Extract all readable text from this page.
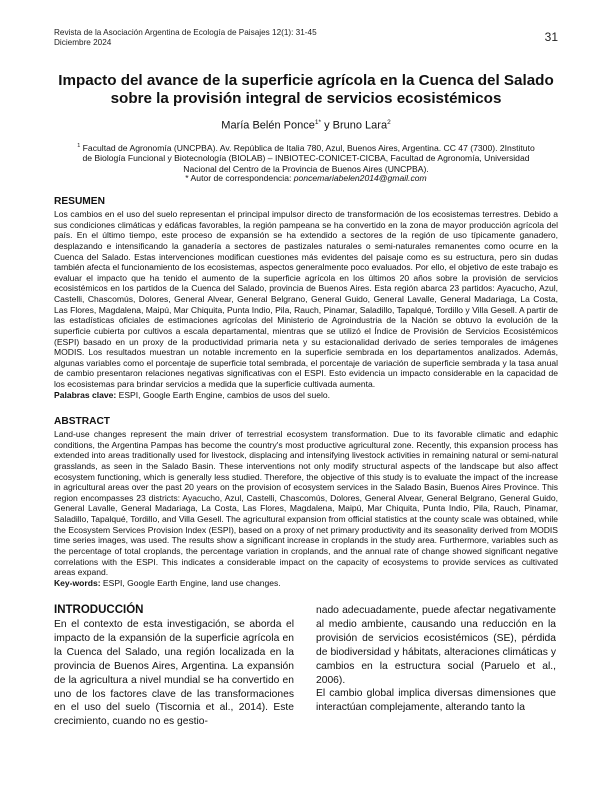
Revista de la Asociación Argentina de Ecología de Paisajes 12(1): 31-45
Diciembre 2024	31
Impacto del avance de la superficie agrícola en la Cuenca del Salado sobre la provisión integral de servicios ecosistémicos
María Belén Ponce$^{1*}$ y Bruno Lara$^2$
$^1$ Facultad de Agronomía (UNCPBA). Av. República de Italia 780, Azul, Buenos Aires, Argentina. CC 47 (7300). 2Instituto de Biología Funcional y Biotecnología (BIOLAB) – INBIOTEC-CONICET-CICBA, Facultad de Agronomía, Universidad Nacional del Centro de la Provincia de Buenos Aires (UNCPBA).
* Autor de correspondencia: poncemariabelen2014@gmail.com
RESUMEN
Los cambios en el uso del suelo representan el principal impulsor directo de transformación de los ecosistemas terrestres. Debido a sus condiciones climáticas y edáficas favorables, la región pampeana se ha convertido en la zona de mayor producción agrícola del país. En el último tiempo, este proceso de expansión se ha extendido a sectores de la región de uso típicamente ganadero, desplazando e intensificando la ganadería a sectores de pastizales naturales o semi-naturales remanentes como ocurre en la Cuenca del Salado. Estas intervenciones modifican cuestiones más evidentes del paisaje como es su estructura, pero sin dudas también afecta el funcionamiento de los ecosistemas, aspectos generalmente poco evaluados. Por ello, el objetivo de este trabajo es evaluar el impacto que ha tenido el aumento de la superficie agrícola en los últimos 20 años sobre la provisión de servicios ecosistémicos en los partidos de la Cuenca del Salado, provincia de Buenos Aires. Esta región abarca 23 partidos: Ayacucho, Azul, Castelli, Chascomús, Dolores, General Alvear, General Belgrano, General Guido, General Lavalle, General Madariaga, La Costa, Las Flores, Magdalena, Maipú, Mar Chiquita, Punta Indio, Pila, Rauch, Pinamar, Saladillo, Tapalqué, Tordillo y Villa Gesell. A partir de las estadísticas oficiales de estimaciones agrícolas del Ministerio de Agroindustria de la Nación se obtuvo la evolución de la superficie cubierta por cultivos a escala departamental, mientras que se utilizó el Índice de Provisión de Servicios Ecosistémicos (ESPI) basado en un proxy de la productividad primaria neta y su estacionalidad derivado de series temporales de imágenes MODIS. Los resultados muestran un notable incremento en la superficie sembrada en los departamentos analizados. Además, algunas variables como el porcentaje de superficie total sembrada, el porcentaje de variación de superficie sembrada y la tasa anual de cambio presentaron relaciones negativas significativas con el ESPI. Esto evidencia un impacto considerable en la capacidad de los ecosistemas para brindar servicios a medida que la superficie cultivada aumenta.
Palabras clave: ESPI, Google Earth Engine, cambios de usos del suelo.
ABSTRACT
Land-use changes represent the main driver of terrestrial ecosystem transformation. Due to its favorable climatic and edaphic conditions, the Argentina Pampas has become the country's most productive agricultural zone. Recently, this expansion process has extended into areas traditionally used for livestock, displacing and intensifying livestock activities in remaining natural or semi-natural grasslands, as seen in the Salado Basin. These interventions not only modify structural aspects of the landscape but also affect ecosystem functioning, which is generally less studied. Therefore, the objective of this study is to evaluate the impact of the increase in agricultural areas over the past 20 years on the provision of ecosystem services in the Salado Basin, Buenos Aires Province. This region encompasses 23 districts: Ayacucho, Azul, Castelli, Chascomús, Dolores, General Alvear, General Belgrano, General Guido, General Lavalle, General Madariaga, La Costa, Las Flores, Magdalena, Maipú, Mar Chiquita, Punta Indio, Pila, Rauch, Pinamar, Saladillo, Tapalqué, Tordillo, and Villa Gesell. The agricultural expansion from official statistics at the county scale was obtained, while the Ecosystem Services Provision Index (ESPI), based on a proxy of net primary productivity and its seasonality derived from MODIS time series images, was used. The results show a significant increase in croplands in the study area. Furthermore, variables such as the percentage of total croplands, the percentage variation in croplands, and the annual rate of change showed significant negative correlations with the ESPI. This indicates a considerable impact on the capacity of ecosystems to provide services as cultivated areas expand.
Key-words: ESPI, Google Earth Engine, land use changes.
INTRODUCCIÓN

En el contexto de esta investigación, se aborda el impacto de la expansión de la superficie agrícola en la Cuenca del Salado, una región localizada en la provincia de Buenos Aires, Argentina. La expansión de la agricultura a nivel mundial se ha convertido en uno de los factores clave de las transformaciones en el uso del suelo (Tiscornia et al., 2014). Este crecimiento, cuando no es gestio-

nado adecuadamente, puede afectar negativamente al medio ambiente, causando una reducción en la provisión de servicios ecosistémicos (SE), pérdida de biodiversidad y hábitats, alteraciones climáticas y cambios en la estructura social (Paruelo et al., 2006).

El cambio global implica diversas dimensiones que interactúan complejamente, alterando tanto la
